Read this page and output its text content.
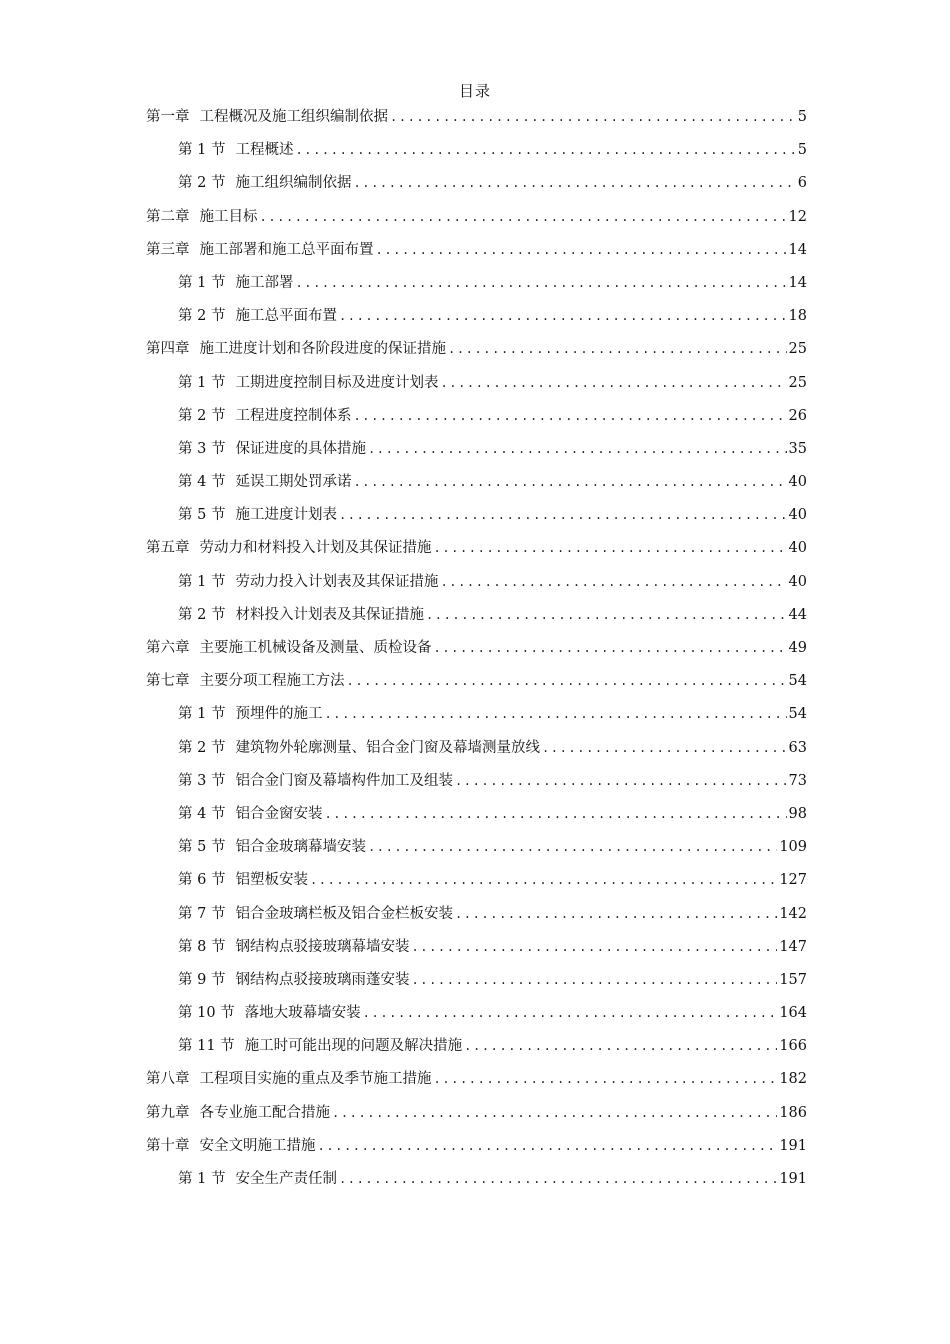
目录
第一章 工程概况及施工组织编制依据 .....	5
第 1 节 工程概述 .....	5
第 2 节 施工组织编制依据 .....	6
第二章 施工目标 .....	12
第三章 施工部署和施工总平面布置 .....	14
第 1 节 施工部署 .....	14
第 2 节 施工总平面布置 .....	18
第四章 施工进度计划和各阶段进度的保证措施 .....	25
第 1 节 工期进度控制目标及进度计划表 .....	25
第 2 节 工程进度控制体系 .....	26
第 3 节 保证进度的具体措施 .....	35
第 4 节 延误工期处罚承诺 .....	40
第 5 节 施工进度计划表 .....	40
第五章 劳动力和材料投入计划及其保证措施 .....	40
第 1 节 劳动力投入计划表及其保证措施 .....	40
第 2 节 材料投入计划表及其保证措施 .....	44
第六章 主要施工机械设备及测量、质检设备 .....	49
第七章 主要分项工程施工方法 .....	54
第 1 节 预埋件的施工 .....	54
第 2 节 建筑物外轮廓测量、铝合金门窗及幕墙测量放线 .....	63
第 3 节 铝合金门窗及幕墙构件加工及组装 .....	73
第 4 节 铝合金窗安装 .....	98
第 5 节 铝合金玻璃幕墙安装 .....	109
第 6 节 铝塑板安装 .....	127
第 7 节 铝合金玻璃栏板及铝合金栏板安装 .....	142
第 8 节 钢结构点驳接玻璃幕墙安装 .....	147
第 9 节 钢结构点驳接玻璃雨蓬安装 .....	157
第 10 节 落地大玻幕墙安装 .....	164
第 11 节 施工时可能出现的问题及解决措施 .....	166
第八章 工程项目实施的重点及季节施工措施 .....	182
第九章 各专业施工配合措施 .....	186
第十章 安全文明施工措施 .....	191
第 1 节 安全生产责任制 .....	191
